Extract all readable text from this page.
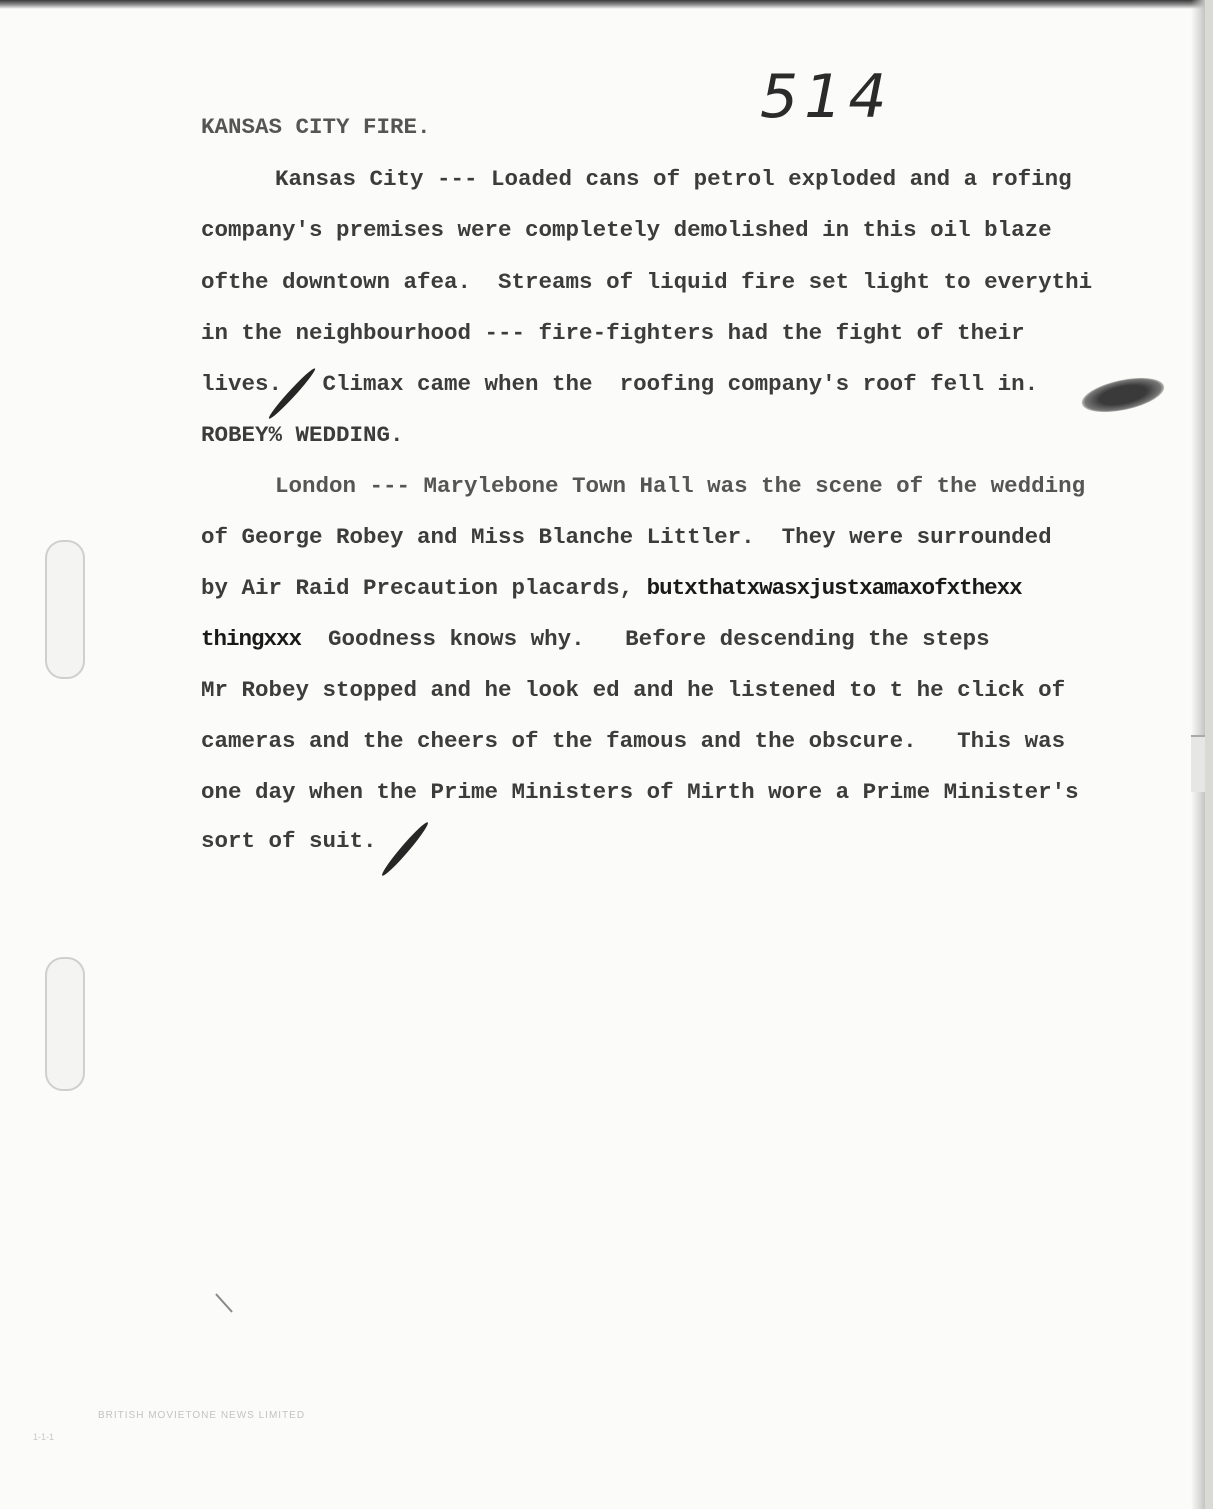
514

KANSAS CITY FIRE.

Kansas City --- Loaded cans of petrol exploded and a rofing

company's premises were completely demolished in this oil blaze

ofthe downtown afea.  Streams of liquid fire set light to everythi

in the neighbourhood --- fire-fighters had the fight of their

lives.   Climax came when the  roofing company's roof fell in.

ROBEY% WEDDING.

London --- Marylebone Town Hall was the scene of the wedding

of George Robey and Miss Blanche Littler.  They were surrounded

by Air Raid Precaution placards, butxthatxwasxjustxamaxofxthexx

thingxxx  Goodness knows why.   Before descending the steps

Mr Robey stopped and he look ed and he listened to t he click of

cameras and the cheers of the famous and the obscure.   This was

one day when the Prime Ministers of Mirth wore a Prime Minister's

sort of suit.

BRITISH MOVIETONE NEWS LIMITED

1-1-1
